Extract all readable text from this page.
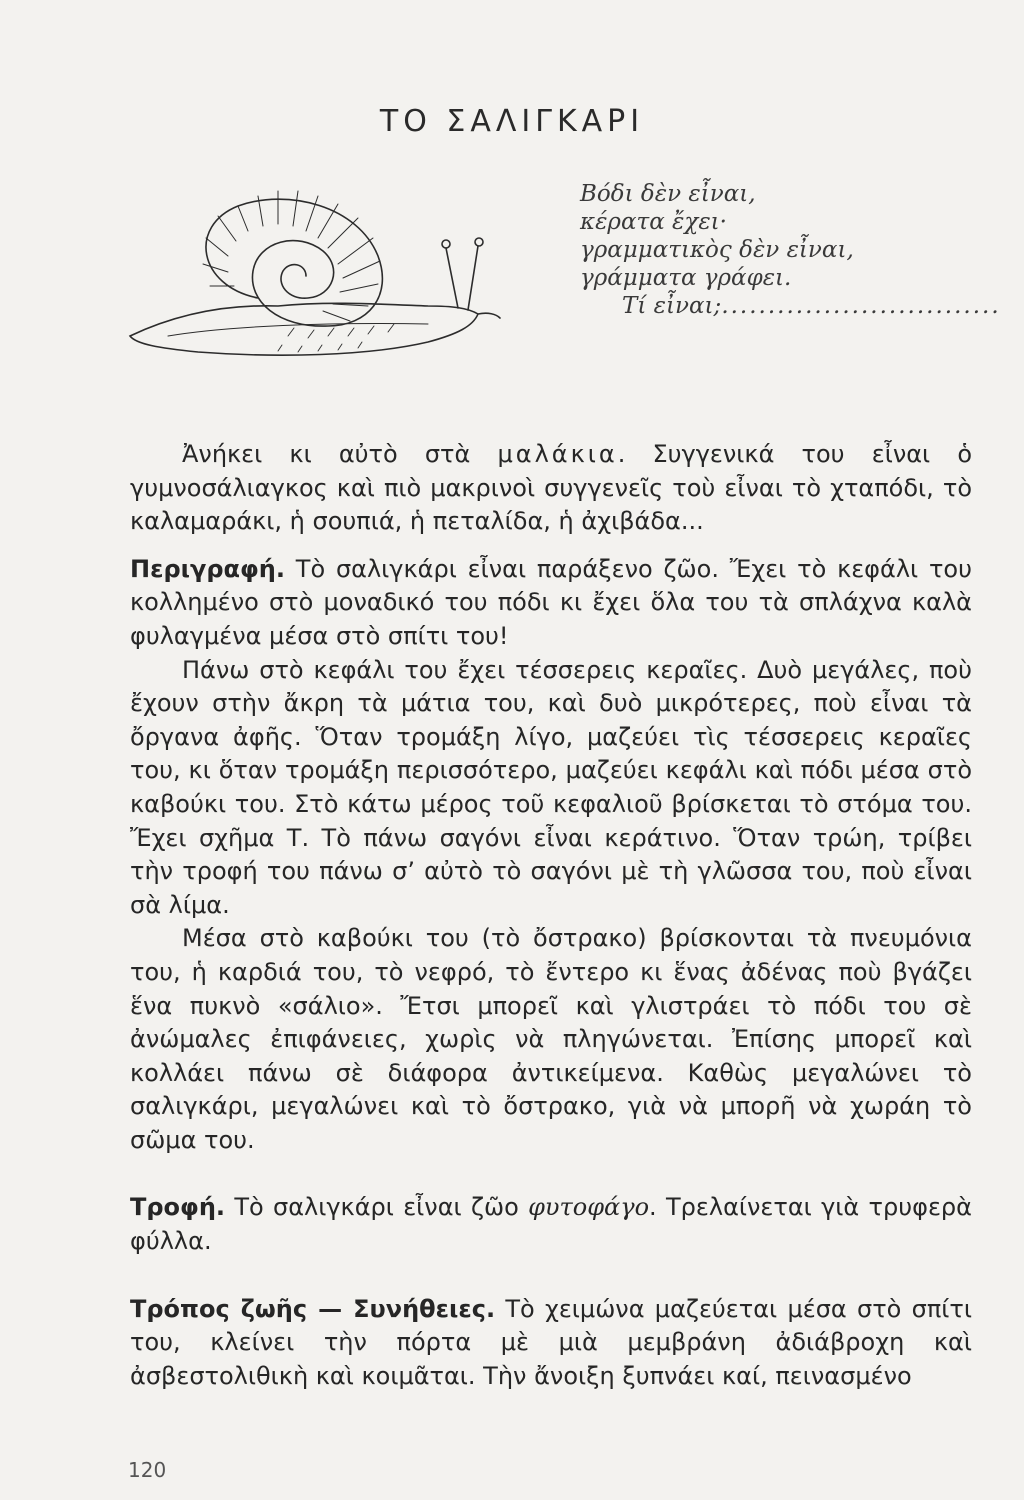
ΤΟ ΣΑΛΙΓΚΑΡΙ
Βόδι δὲν εἶναι,
κέρατα ἔχει·
γραμματικὸς δὲν εἶναι,
γράμματα γράφει.
Τί εἶναι;..............................

Ἀνήκει κι αὐτὸ στὰ μαλάκια. Συγγενικά του εἶναι ὁ γυμνοσάλιαγκος καὶ πιὸ μακρινοὶ συγγενεῖς τοὺ εἶναι τὸ χταπόδι, τὸ καλαμαράκι, ἡ σουπιά, ἡ πεταλίδα, ἡ ἀχιβάδα...

Περιγραφή. Τὸ σαλιγκάρι εἶναι παράξενο ζῶο. Ἔχει τὸ κεφάλι του κολλημένο στὸ μοναδικό του πόδι κι ἔχει ὅλα του τὰ σπλάχνα καλὰ φυλαγμένα μέσα στὸ σπίτι του!

Πάνω στὸ κεφάλι του ἔχει τέσσερεις κεραῖες. Δυὸ μεγάλες, ποὺ ἔχουν στὴν ἄκρη τὰ μάτια του, καὶ δυὸ μικρότερες, ποὺ εἶναι τὰ ὄργανα ἀφῆς. Ὅταν τρομάξη λίγο, μαζεύει τὶς τέσσερεις κεραῖες του, κι ὅταν τρομάξη περισσότερο, μαζεύει κεφάλι καὶ πόδι μέσα στὸ καβούκι του. Στὸ κάτω μέρος τοῦ κεφαλιοῦ βρίσκεται τὸ στόμα του. Ἔχει σχῆμα Τ. Τὸ πάνω σαγόνι εἶναι κεράτινο. Ὅταν τρώη, τρίβει τὴν τροφή του πάνω σ’ αὐτὸ τὸ σαγόνι μὲ τὴ γλῶσσα του, ποὺ εἶναι σὰ λίμα.

Μέσα στὸ καβούκι του (τὸ ὄστρακο) βρίσκονται τὰ πνευμόνια του, ἡ καρδιά του, τὸ νεφρό, τὸ ἔντερο κι ἕνας ἀδένας ποὺ βγάζει ἕνα πυκνὸ «σάλιο». Ἔτσι μπορεῖ καὶ γλιστράει τὸ πόδι του σὲ ἀνώμαλες ἐπιφάνειες, χωρὶς νὰ πληγώνεται. Ἐπίσης μπορεῖ καὶ κολλάει πάνω σὲ διάφορα ἀντικείμενα. Καθὼς μεγαλώνει τὸ σαλιγκάρι, μεγαλώνει καὶ τὸ ὄστρακο, γιὰ νὰ μπορῆ νὰ χωράη τὸ σῶμα του.

Τροφή. Τὸ σαλιγκάρι εἶναι ζῶο φυτοφάγο. Τρελαίνεται γιὰ τρυφερὰ φύλλα.

Τρόπος ζωῆς — Συνήθειες. Τὸ χειμώνα μαζεύεται μέσα στὸ σπίτι του, κλείνει τὴν πόρτα μὲ μιὰ μεμβράνη ἀδιάβροχη καὶ ἀσβεστολιθικὴ καὶ κοιμᾶται. Τὴν ἄνοιξη ξυπνάει καί, πεινασμένο

120
